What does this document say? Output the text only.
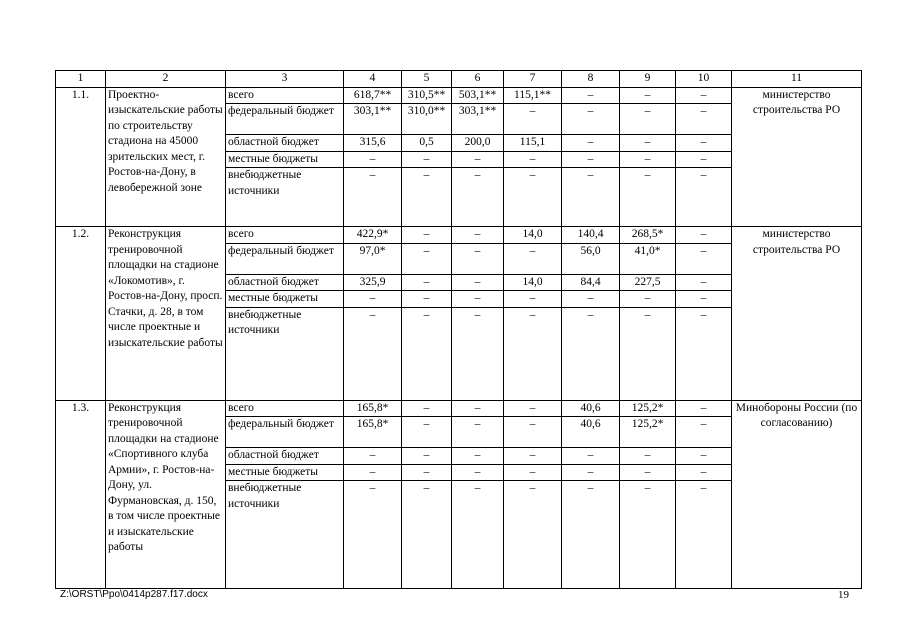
1	2	3	4	5	6	7	8	9	10	11
1.1.	Проектно-изыскательские работы по строительству стадиона на 45000 зрительских мест, г. Ростов-на-Дону, в левобережной зоне	всего	618,7**	310,5**	503,1**	115,1**	–	–	–	министерство строительства РО
		федеральный бюджет	303,1**	310,0**	303,1**	–	–	–	–	
		областной бюджет	315,6	0,5	200,0	115,1	–	–	–	
		местные бюджеты	–	–	–	–	–	–	–	
		внебюджетные источники	–	–	–	–	–	–	–	
1.2.	Реконструкция тренировочной площадки на стадионе «Локомотив», г. Ростов-на-Дону, просп. Стачки, д. 28, в том числе проектные и изыскательские работы	всего	422,9*	–	–	14,0	140,4	268,5*	–	министерство строительства РО
		федеральный бюджет	97,0*	–	–	–	56,0	41,0*	–	
		областной бюджет	325,9	–	–	14,0	84,4	227,5	–	
		местные бюджеты	–	–	–	–	–	–	–	
		внебюджетные источники	–	–	–	–	–	–	–	
1.3.	Реконструкция тренировочной площадки на стадионе «Спортивного клуба Армии», г. Ростов-на-Дону, ул. Фурмановская, д. 150, в том числе проектные и изыскательские работы	всего	165,8*	–	–	–	40,6	125,2*	–	Минобороны России (по согласованию)
		федеральный бюджет	165,8*	–	–	–	40,6	125,2*	–	
		областной бюджет	–	–	–	–	–	–	–	
		местные бюджеты	–	–	–	–	–	–	–	
		внебюджетные источники	–	–	–	–	–	–	–	
Z:\ORST\Ppo\0414p287.f17.docx	19
